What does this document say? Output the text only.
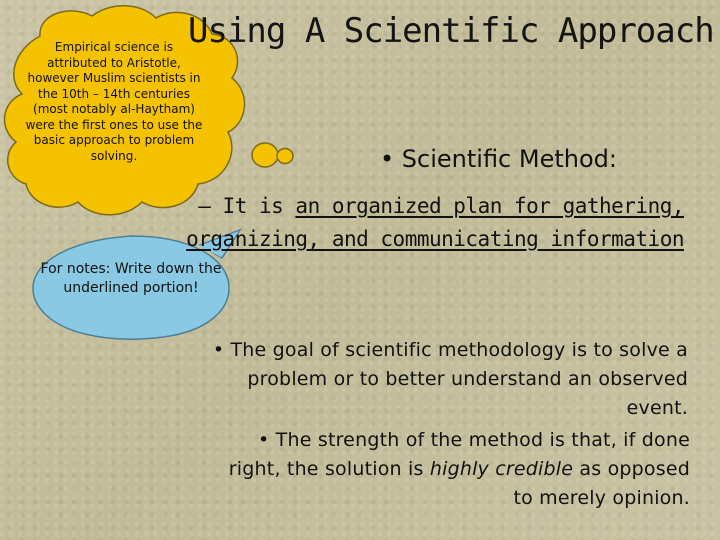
Using A Scientific Approach
Empirical science is attributed to Aristotle, however Muslim scientists in the 10th – 14th centuries (most notably al-Haytham) were the first ones to use the basic approach to problem solving.
For notes: Write down the underlined portion!
• Scientific Method:
– It is an organized plan for gathering, organizing, and communicating information
• The goal of scientific methodology is to solve a problem or to better understand an observed event.
• The strength of the method is that, if done right, the solution is highly credible as opposed to merely opinion.
